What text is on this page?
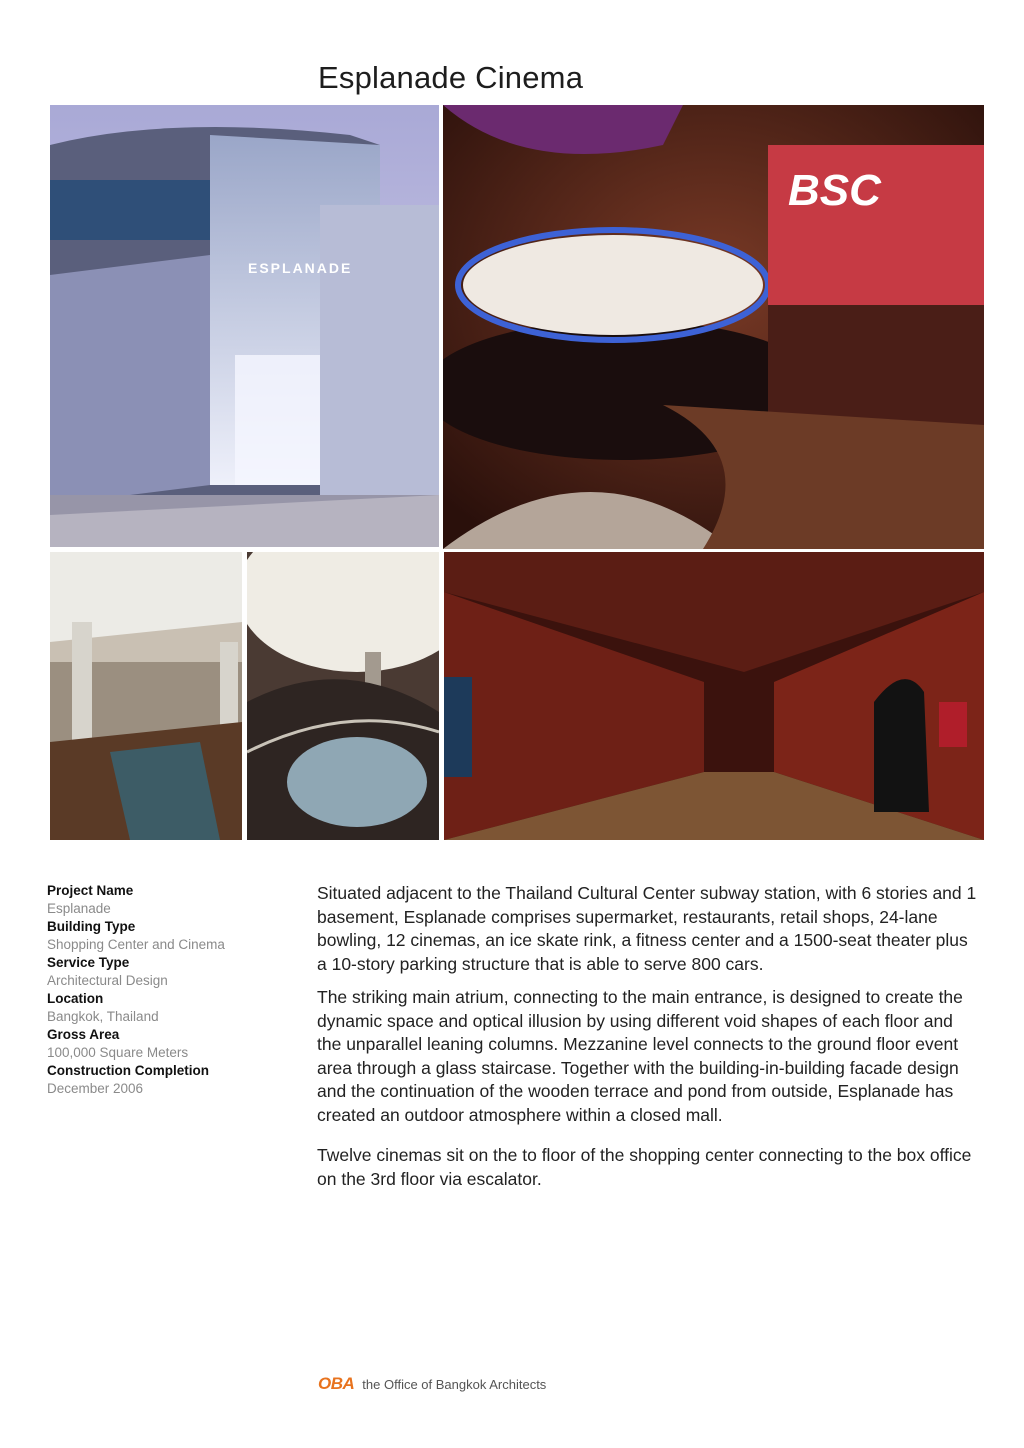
Esplanade Cinema
ESPLANADE
BSC
Project Name
Esplanade
Building Type
Shopping Center and Cinema
Service Type
Architectural Design
Location
Bangkok, Thailand
Gross Area
100,000 Square Meters
Construction Completion
December 2006

Situated adjacent to the Thailand Cultural Center subway station, with 6 stories and 1 basement, Esplanade comprises supermarket, restaurants, retail shops, 24-lane bowling, 12 cinemas, an ice skate rink, a fitness center and a 1500-seat theater plus a 10-story parking structure that is able to serve 800 cars.

The striking main atrium, connecting to the main entrance, is designed to create the dynamic space and optical illusion by using different void shapes of each floor and the unparallel leaning columns. Mezzanine level connects to the ground floor event area through a glass staircase. Together with the building-in-building facade design and the continuation of the wooden terrace and pond from outside, Esplanade has created an outdoor atmosphere within a closed mall.

Twelve cinemas sit on the to floor of the shopping center connecting to the box office on the 3rd floor via escalator.

OBA the Office of Bangkok Architects
